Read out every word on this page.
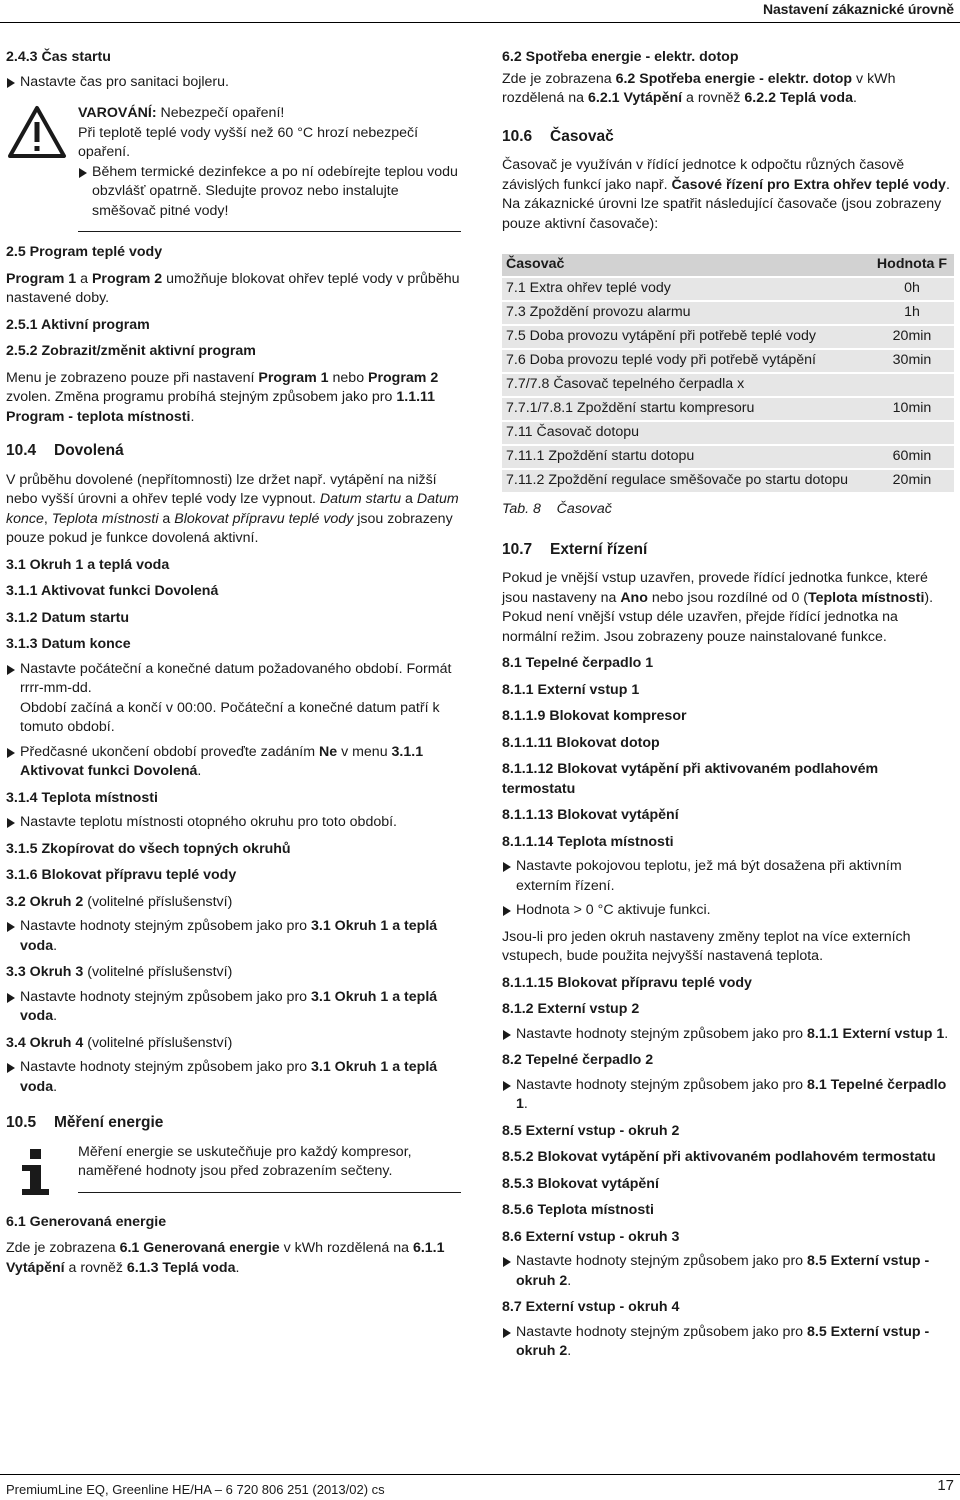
Nastavení zákaznické úrovně

2.4.3 Čas startu

Nastavte čas pro sanitaci bojleru.

VAROVÁNÍ: Nebezpečí opaření!

Při teplotě teplé vody vyšší než 60 °C hrozí nebezpečí opaření.

Během termické dezinfekce a po ní odebírejte teplou vodu obzvlášť opatrně. Sledujte provoz nebo instalujte směšovač pitné vody!

2.5 Program teplé vody

Program 1 a Program 2 umožňuje blokovat ohřev teplé vody v průběhu nastavené doby.

2.5.1 Aktivní program

2.5.2 Zobrazit/změnit aktivní program

Menu je zobrazeno pouze při nastavení Program 1 nebo Program 2 zvolen. Změna programu probíhá stejným způsobem jako pro 1.1.11 Program - teplota místnosti.

10.4 Dovolená

V průběhu dovolené (nepřítomnosti) lze držet např. vytápění na nižší nebo vyšší úrovni a ohřev teplé vody lze vypnout. Datum startu a Datum konce, Teplota místnosti a Blokovat přípravu teplé vody jsou zobrazeny pouze pokud je funkce dovolená aktivní.

3.1 Okruh 1 a teplá voda

3.1.1 Aktivovat funkci Dovolená

3.1.2 Datum startu

3.1.3 Datum konce

Nastavte počáteční a konečné datum požadovaného období. Formát rrrr-mm-dd.

Období začíná a končí v 00:00. Počáteční a konečné datum patří k tomuto období.

Předčasné ukončení období proveďte zadáním Ne v menu 3.1.1 Aktivovat funkci Dovolená.

3.1.4 Teplota místnosti

Nastavte teplotu místnosti otopného okruhu pro toto období.

3.1.5 Zkopírovat do všech topných okruhů

3.1.6 Blokovat přípravu teplé vody

3.2 Okruh 2 (volitelné příslušenství)

Nastavte hodnoty stejným způsobem jako pro 3.1 Okruh 1 a teplá voda.

3.3 Okruh 3 (volitelné příslušenství)

Nastavte hodnoty stejným způsobem jako pro 3.1 Okruh 1 a teplá voda.

3.4 Okruh 4 (volitelné příslušenství)

Nastavte hodnoty stejným způsobem jako pro 3.1 Okruh 1 a teplá voda.

10.5 Měření energie

Měření energie se uskutečňuje pro každý kompresor, naměřené hodnoty jsou před zobrazením sečteny.

6.1 Generovaná energie

Zde je zobrazena 6.1 Generovaná energie v kWh rozdělená na 6.1.1 Vytápění a rovněž 6.1.3 Teplá voda.

6.2 Spotřeba energie - elektr. dotop

Zde je zobrazena 6.2 Spotřeba energie - elektr. dotop v kWh rozdělená na 6.2.1 Vytápění a rovněž 6.2.2 Teplá voda.

10.6 Časovač

Časovač je využíván v řídící jednotce k odpočtu různých časově závislých funkcí jako např. Časové řízení pro Extra ohřev teplé vody. Na zákaznické úrovni lze spatřit následující časovače (jsou zobrazeny pouze aktivní časovače):

Časovač	Hodnota F
7.1 Extra ohřev teplé vody	0h
7.3 Zpoždění provozu alarmu	1h
7.5 Doba provozu vytápění při potřebě teplé vody	20min
7.6 Doba provozu teplé vody při potřebě vytápění	30min
7.7/7.8 Časovač tepelného čerpadla x	
7.7.1/7.8.1 Zpoždění startu kompresoru	10min
7.11 Časovač dotopu	
7.11.1 Zpoždění startu dotopu	60min
7.11.2 Zpoždění regulace směšovače po startu dotopu	20min

Tab. 8    Časovač

10.7 Externí řízení

Pokud je vnější vstup uzavřen, provede řídící jednotka funkce, které jsou nastaveny na Ano nebo jsou rozdílné od 0 (Teplota místnosti). Pokud není vnější vstup déle uzavřen, přejde řídící jednotka na normální režim. Jsou zobrazeny pouze nainstalované funkce.

8.1 Tepelné čerpadlo 1

8.1.1 Externí vstup 1

8.1.1.9 Blokovat kompresor

8.1.1.11 Blokovat dotop

8.1.1.12 Blokovat vytápění při aktivovaném podlahovém termostatu

8.1.1.13 Blokovat vytápění

8.1.1.14 Teplota místnosti

Nastavte pokojovou teplotu, jež má být dosažena při aktivním externím řízení.

Hodnota > 0 °C aktivuje funkci.

Jsou-li pro jeden okruh nastaveny změny teplot na více externích vstupech, bude použita nejvyšší nastavená teplota.

8.1.1.15 Blokovat přípravu teplé vody

8.1.2 Externí vstup 2

Nastavte hodnoty stejným způsobem jako pro 8.1.1 Externí vstup 1.

8.2 Tepelné čerpadlo 2

Nastavte hodnoty stejným způsobem jako pro 8.1 Tepelné čerpadlo 1.

8.5 Externí vstup - okruh 2

8.5.2 Blokovat vytápění při aktivovaném podlahovém termostatu

8.5.3 Blokovat vytápění

8.5.6 Teplota místnosti

8.6 Externí vstup - okruh 3

Nastavte hodnoty stejným způsobem jako pro 8.5 Externí vstup - okruh 2.

8.7 Externí vstup - okruh 4

Nastavte hodnoty stejným způsobem jako pro 8.5 Externí vstup - okruh 2.

PremiumLine EQ, Greenline HE/HA – 6 720 806 251 (2013/02) cs	17
